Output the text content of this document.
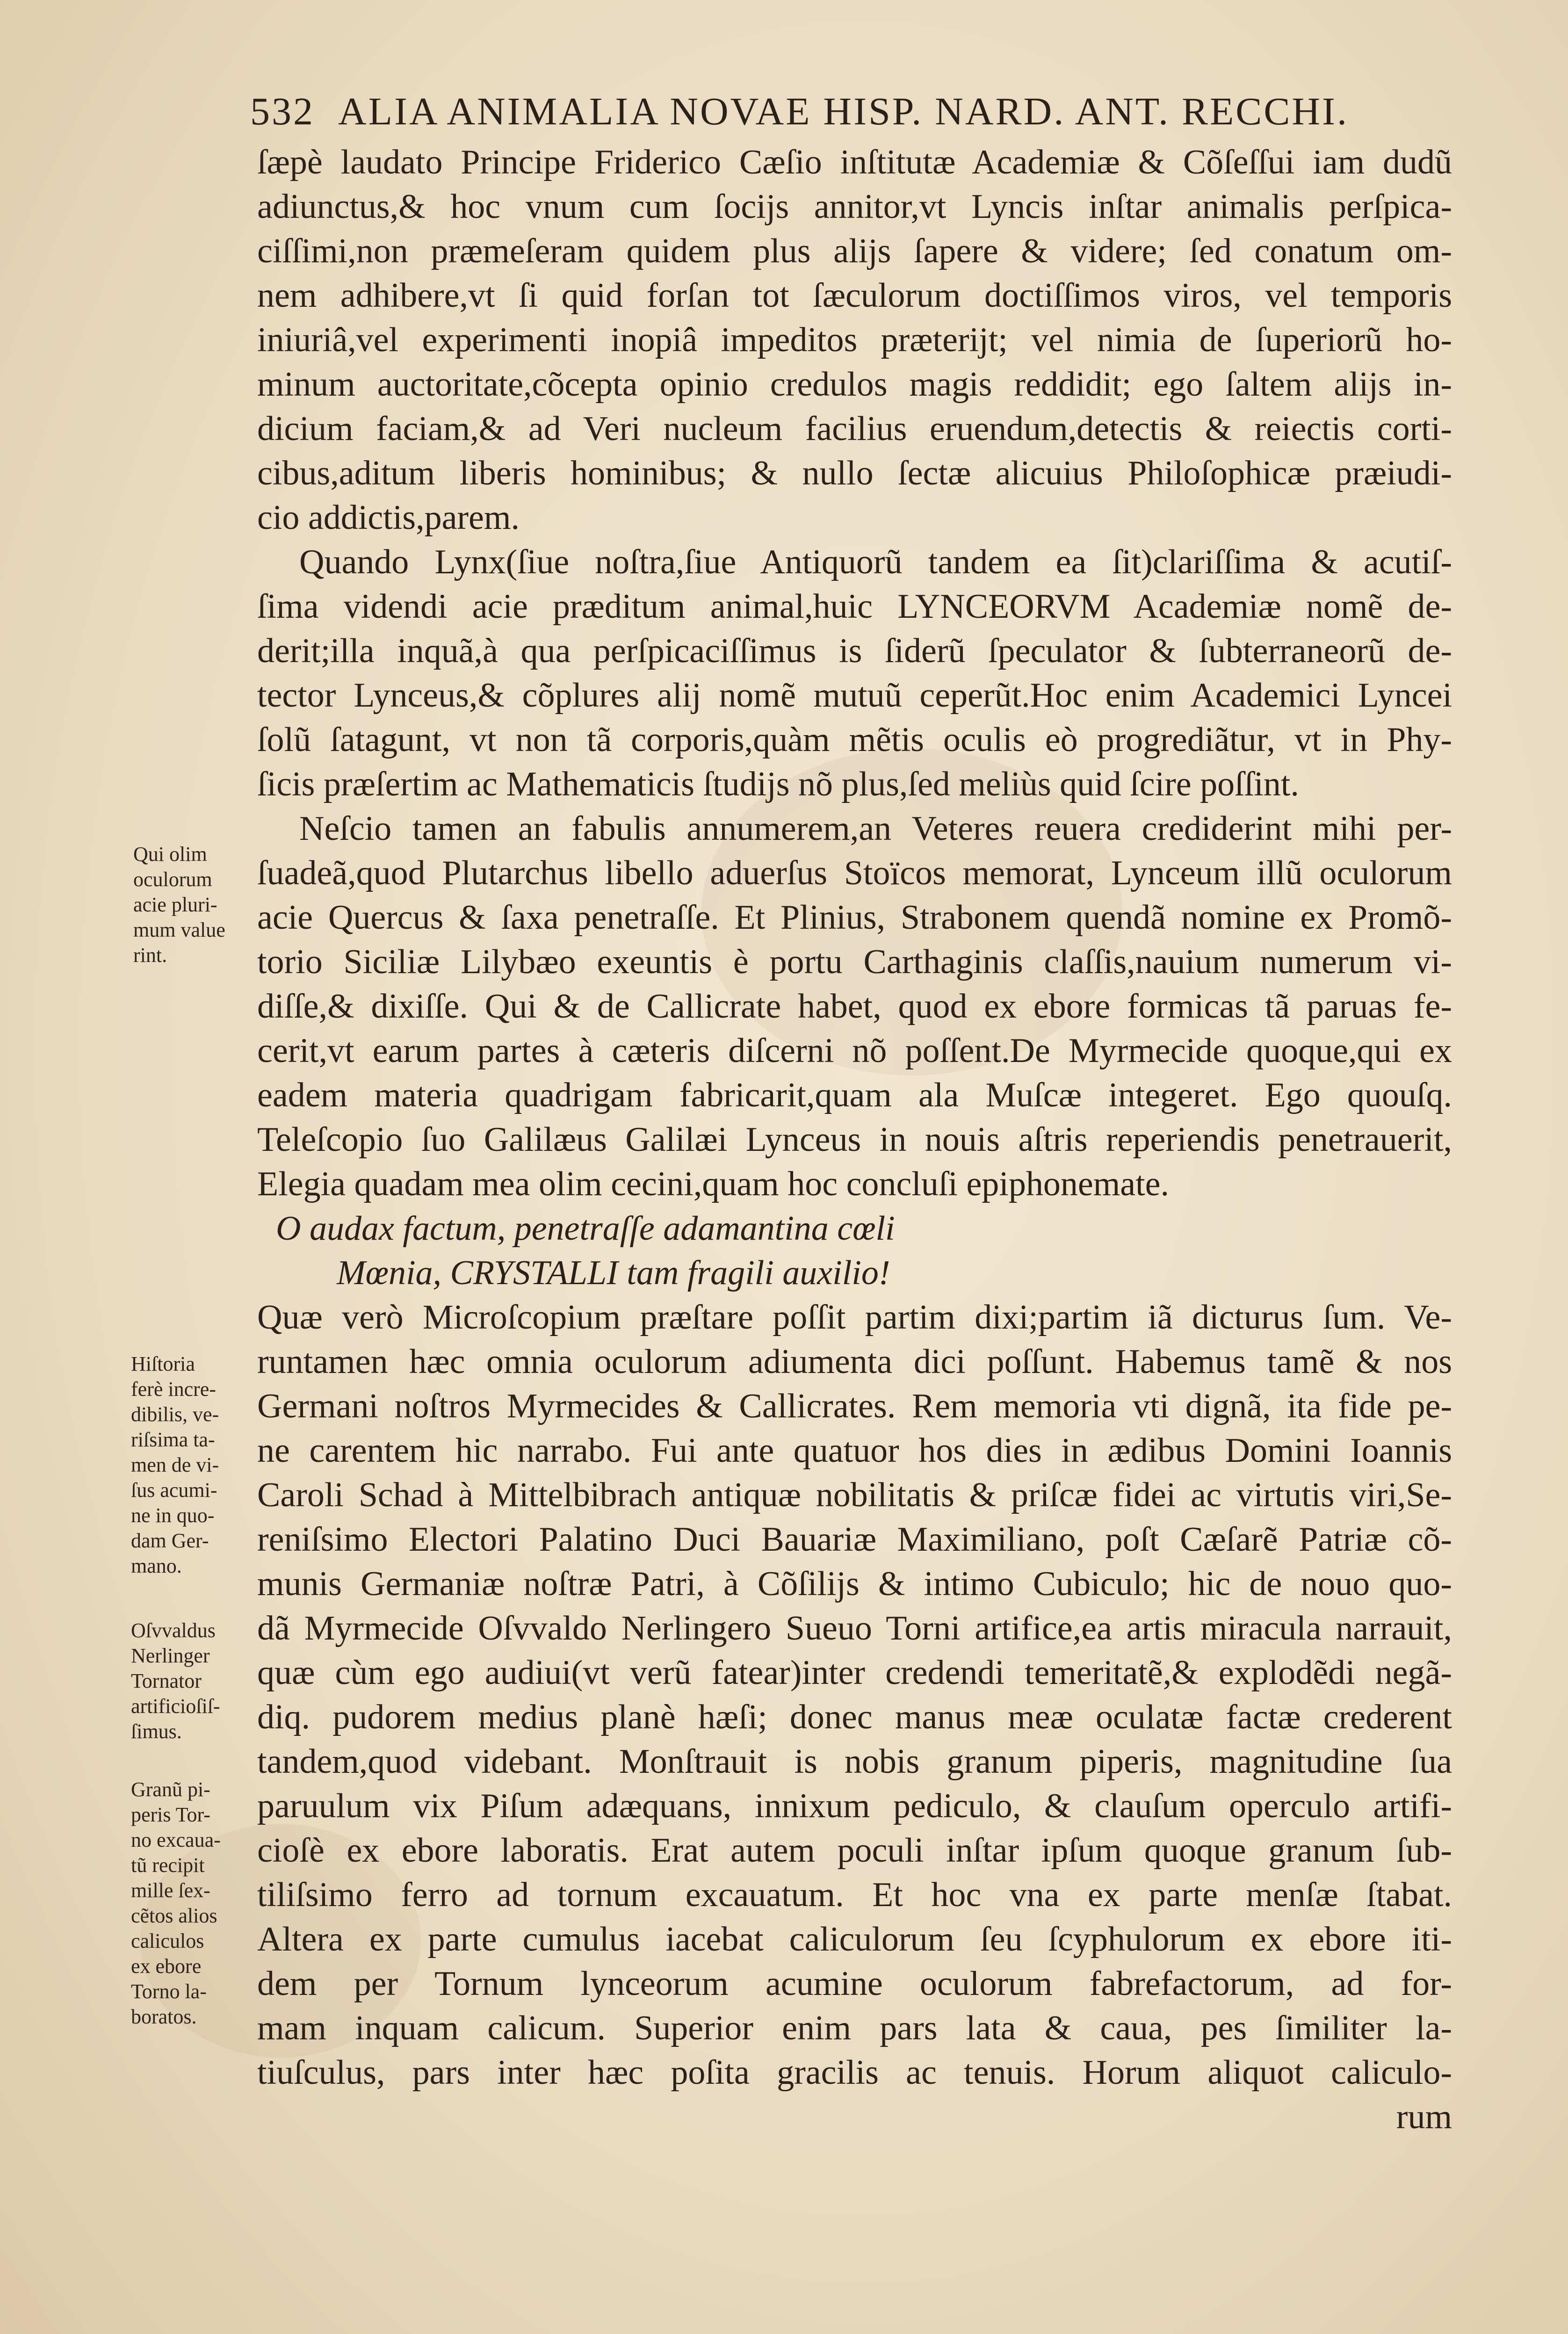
532 ALIA ANIMALIA NOVAE HISP. NARD. ANT. RECCHI.
ſæpè laudato Principe Friderico Cæſio inſtitutæ Academiæ & Cõſeſſui iam dudũ
adiunctus,& hoc vnum cum ſocijs annitor,vt Lyncis inſtar animalis perſpica-
ciſſimi,non præmeſeram quidem plus alijs ſapere & videre; ſed conatum om-
nem adhibere,vt ſi quid forſan tot ſæculorum doctiſſimos viros, vel temporis
iniuriâ,vel experimenti inopiâ impeditos præterijt; vel nimia de ſuperiorũ ho-
minum auctoritate,cõcepta opinio credulos magis reddidit; ego ſaltem alijs in-
dicium faciam,& ad Veri nucleum facilius eruendum,detectis & reiectis corti-
cibus,aditum liberis hominibus; & nullo ſectæ alicuius Philoſophicæ præiudi-
cio addictis,parem.
Quando Lynx(ſiue noſtra,ſiue Antiquorũ tandem ea ſit)clariſſima & acutiſ-
ſima videndi acie præditum animal,huic LYNCEORVM Academiæ nomẽ de-
derit;illa inquã,à qua perſpicaciſſimus is ſiderũ ſpeculator & ſubterraneorũ de-
tector Lynceus,& cõplures alij nomẽ mutuũ ceperũt.Hoc enim Academici Lyncei
ſolũ ſatagunt, vt non tã corporis,quàm mẽtis oculis eò progrediãtur, vt in Phy-
ſicis præſertim ac Mathematicis ſtudijs nõ plus,ſed meliùs quid ſcire poſſint.
Neſcio tamen an fabulis annumerem,an Veteres reuera crediderint mihi per-
ſuadeã,quod Plutarchus libello aduerſus Stoïcos memorat, Lynceum illũ oculorum
acie Quercus & ſaxa penetraſſe. Et Plinius, Strabonem quendã nomine ex Promõ-
torio Siciliæ Lilybæo exeuntis è portu Carthaginis claſſis,nauium numerum vi-
diſſe,& dixiſſe. Qui & de Callicrate habet, quod ex ebore formicas tã paruas fe-
cerit,vt earum partes à cæteris diſcerni nõ poſſent.De Myrmecide quoque,qui ex
eadem materia quadrigam fabricarit,quam ala Muſcæ integeret. Ego quouſq.
Teleſcopio ſuo Galilæus Galilæi Lynceus in nouis aſtris reperiendis penetrauerit,
Elegia quadam mea olim cecini,quam hoc concluſi epiphonemate.
O audax factum, penetraſſe adamantina cœli
Mœnia, CRYSTALLI tam fragili auxilio!
Quæ verò Microſcopium præſtare poſſit partim dixi;partim iã dicturus ſum. Ve-
runtamen hæc omnia oculorum adiumenta dici poſſunt. Habemus tamẽ & nos
Germani noſtros Myrmecides & Callicrates. Rem memoria vti dignã, ita fide pe-
ne carentem hic narrabo. Fui ante quatuor hos dies in ædibus Domini Ioannis
Caroli Schad à Mittelbibrach antiquæ nobilitatis & priſcæ fidei ac virtutis viri,Se-
reniſsimo Electori Palatino Duci Bauariæ Maximiliano, poſt Cæſarẽ Patriæ cõ-
munis Germaniæ noſtræ Patri, à Cõſilijs & intimo Cubiculo; hic de nouo quo-
dã Myrmecide Oſvvaldo Nerlingero Sueuo Torni artifice,ea artis miracula narrauit,
quæ cùm ego audiui(vt verũ fatear)inter credendi temeritatẽ,& explodẽdi negã-
diq. pudorem medius planè hæſi; donec manus meæ oculatæ factæ crederent
tandem,quod videbant. Monſtrauit is nobis granum piperis, magnitudine ſua
paruulum vix Piſum adæquans, innixum pediculo, & clauſum operculo artifi-
cioſè ex ebore laboratis. Erat autem poculi inſtar ipſum quoque granum ſub-
tiliſsimo ferro ad tornum excauatum. Et hoc vna ex parte menſæ ſtabat.
Altera ex parte cumulus iacebat caliculorum ſeu ſcyphulorum ex ebore iti-
dem per Tornum lynceorum acumine oculorum fabrefactorum, ad for-
mam inquam calicum. Superior enim pars lata & caua, pes ſimiliter la-
tiuſculus, pars inter hæc poſita gracilis ac tenuis. Horum aliquot caliculo-
rum
Qui olim
oculorum
acie pluri-
mum value
rint.
Hiſtoria
ferè incre-
dibilis, ve-
riſsima ta-
men de vi-
ſus acumi-
ne in quo-
dam Ger-
mano.
Oſvvaldus
Nerlinger
Tornator
artificioſiſ-
ſimus.
Granũ pi-
peris Tor-
no excaua-
tũ recipit
mille ſex-
cẽtos alios
caliculos
ex ebore
Torno la-
boratos.
